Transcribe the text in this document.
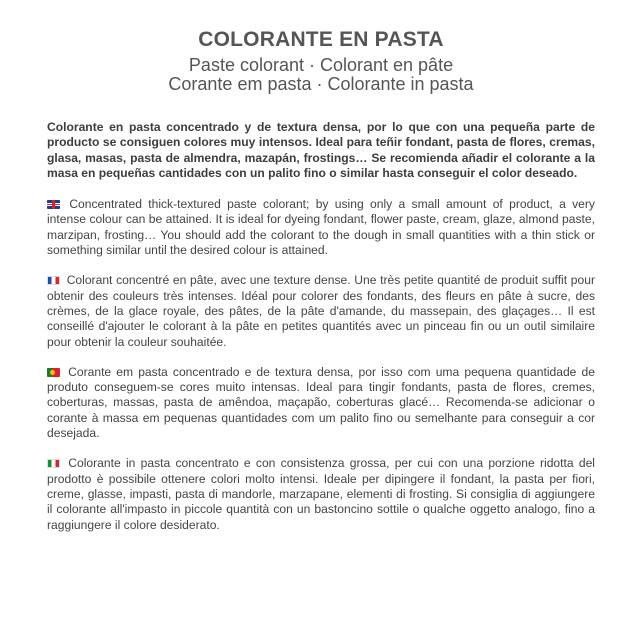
COLORANTE EN PASTA
Paste colorant · Colorant en pâte
Corante em pasta · Colorante in pasta
Colorante en pasta concentrado y de textura densa, por lo que con una pequeña parte de producto se consiguen colores muy intensos. Ideal para teñir fondant, pasta de flores, cremas, glasa, masas, pasta de almendra, mazapán, frostings… Se recomienda añadir el colorante a la masa en pequeñas cantidades con un palito fino o similar hasta conseguir el color deseado.
Concentrated thick-textured paste colorant; by using only a small amount of product, a very intense colour can be attained. It is ideal for dyeing fondant, flower paste, cream, glaze, almond paste, marzipan, frosting… You should add the colorant to the dough in small quantities with a thin stick or something similar until the desired colour is attained.
Colorant concentré en pâte, avec une texture dense. Une très petite quantité de produit suffit pour obtenir des couleurs très intenses. Idéal pour colorer des fondants, des fleurs en pâte à sucre, des crèmes, de la glace royale, des pâtes, de la pâte d'amande, du massepain, des glaçages… Il est conseillé d'ajouter le colorant à la pâte en petites quantités avec un pinceau fin ou un outil similaire pour obtenir la couleur souhaitée.
Corante em pasta concentrado e de textura densa, por isso com uma pequena quantidade de produto conseguem-se cores muito intensas. Ideal para tingir fondants, pasta de flores, cremes, coberturas, massas, pasta de amêndoa, maçapão, coberturas glacé… Recomenda-se adicionar o corante à massa em pequenas quantidades com um palito fino ou semelhante para conseguir a cor desejada.
Colorante in pasta concentrato e con consistenza grossa, per cui con una porzione ridotta del prodotto è possibile ottenere colori molto intensi. Ideale per dipingere il fondant, la pasta per fiori, creme, glasse, impasti, pasta di mandorle, marzapane, elementi di frosting. Si consiglia di aggiungere il colorante all'impasto in piccole quantità con un bastoncino sottile o qualche oggetto analogo, fino a raggiungere il colore desiderato.
